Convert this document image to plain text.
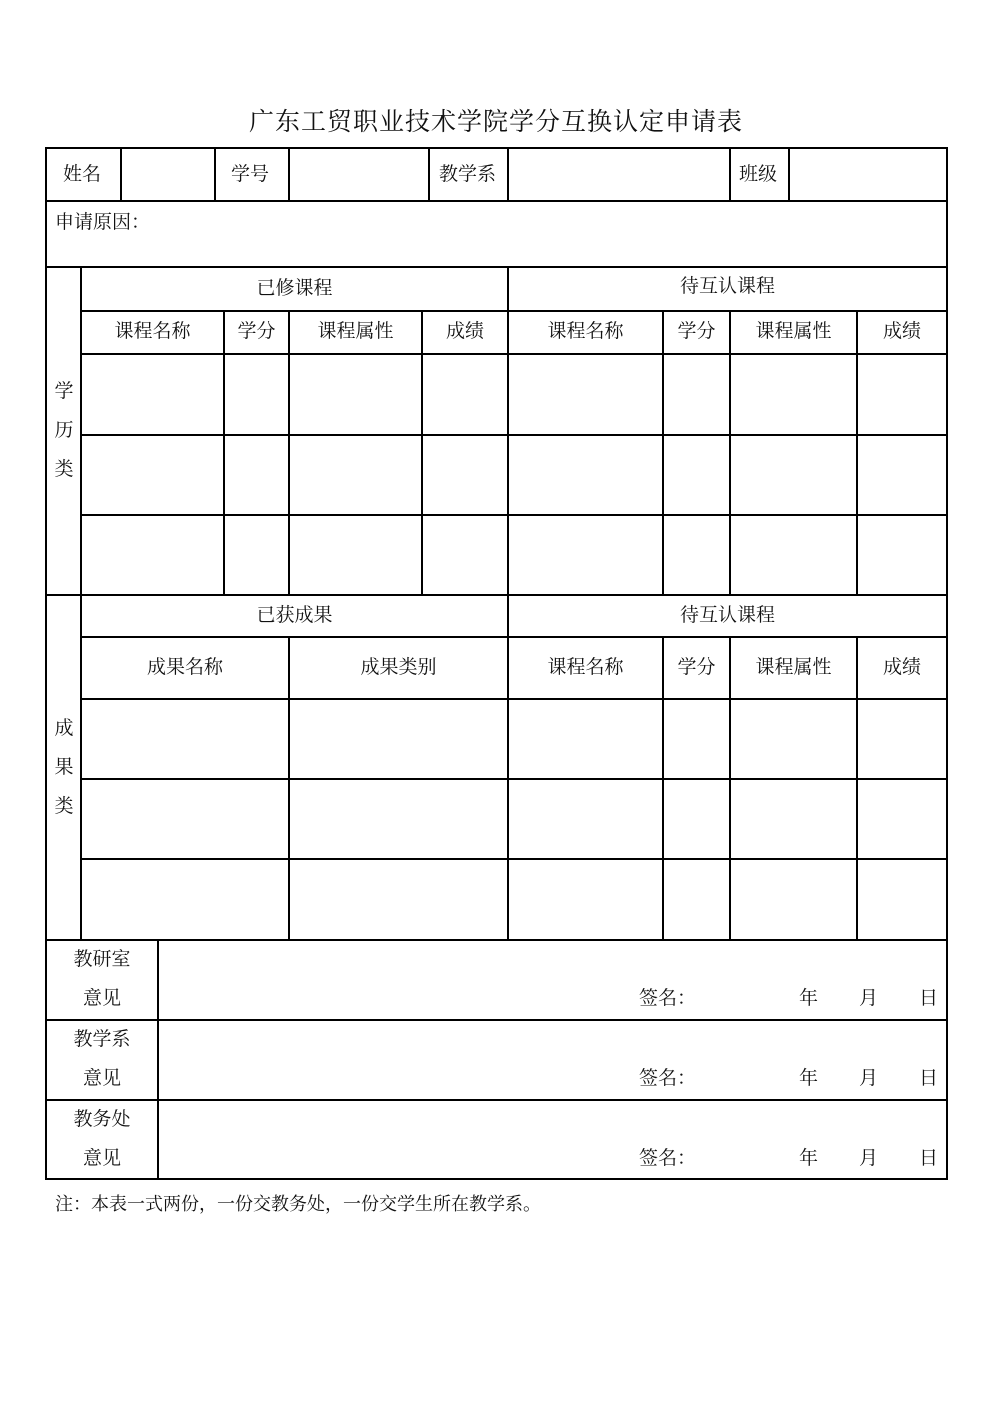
广东工贸职业技术学院学分互换认定申请表
姓名	学号	教学系	班级
申请原因：
学
历
类
已修课程	待互认课程
课程名称	学分	课程属性	成绩	课程名称	学分	课程属性	成绩
成
果
类
已获成果	待互认课程
成果名称	成果类别	课程名称	学分	课程属性	成绩
教研室
意见	签名：	年 月 日
教学系
意见	签名：	年 月 日
教务处
意见	签名：	年 月 日
注：本表一式两份，一份交教务处，一份交学生所在教学系。
